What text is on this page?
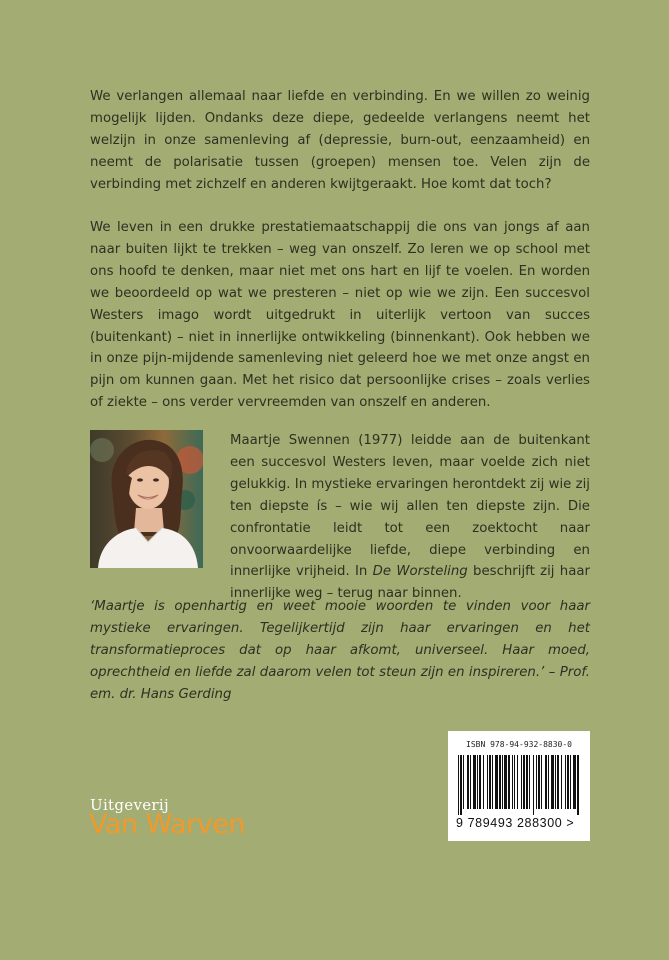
We verlangen allemaal naar liefde en verbinding. En we willen zo weinig mogelijk lijden. Ondanks deze diepe, gedeelde verlangens neemt het welzijn in onze samenleving af (depressie, burn-out, eenzaamheid) en neemt de polarisatie tussen (groepen) mensen toe. Velen zijn de verbinding met zichzelf en anderen kwijtgeraakt. Hoe komt dat toch?

We leven in een drukke prestatiemaatschappij die ons van jongs af aan naar buiten lijkt te trekken – weg van onszelf. Zo leren we op school met ons hoofd te denken, maar niet met ons hart en lijf te voelen. En worden we beoordeeld op wat we presteren – niet op wie we zijn. Een succesvol Westers imago wordt uitgedrukt in uiterlijk vertoon van succes (buitenkant) – niet in innerlijke ontwikkeling (binnenkant). Ook hebben we in onze pijn-mijdende samenleving niet geleerd hoe we met onze angst en pijn om kunnen gaan. Met het risico dat persoonlijke crises – zoals verlies of ziekte – ons verder vervreemden van onszelf en anderen.

Maartje Swennen (1977) leidde aan de buitenkant een succesvol Westers leven, maar voelde zich niet gelukkig. In mystieke ervaringen herontdekt zij wie zij ten diepste ís – wie wij allen ten diepste zijn. Die confrontatie leidt tot een zoektocht naar onvoorwaardelijke liefde, diepe verbinding en innerlijke vrijheid. In De Worsteling beschrijft zij haar innerlijke weg – terug naar binnen.

‘Maartje is openhartig en weet mooie woorden te vinden voor haar mystieke ervaringen. Tegelijkertijd zijn haar ervaringen en het transformatieproces dat op haar afkomt, universeel. Haar moed, oprechtheid en liefde zal daarom velen tot steun zijn en inspireren.’ – Prof. em. dr. Hans Gerding

ISBN 978-94-932-8830-0
9 789493 288300 >
Uitgeverij
Van Warven
